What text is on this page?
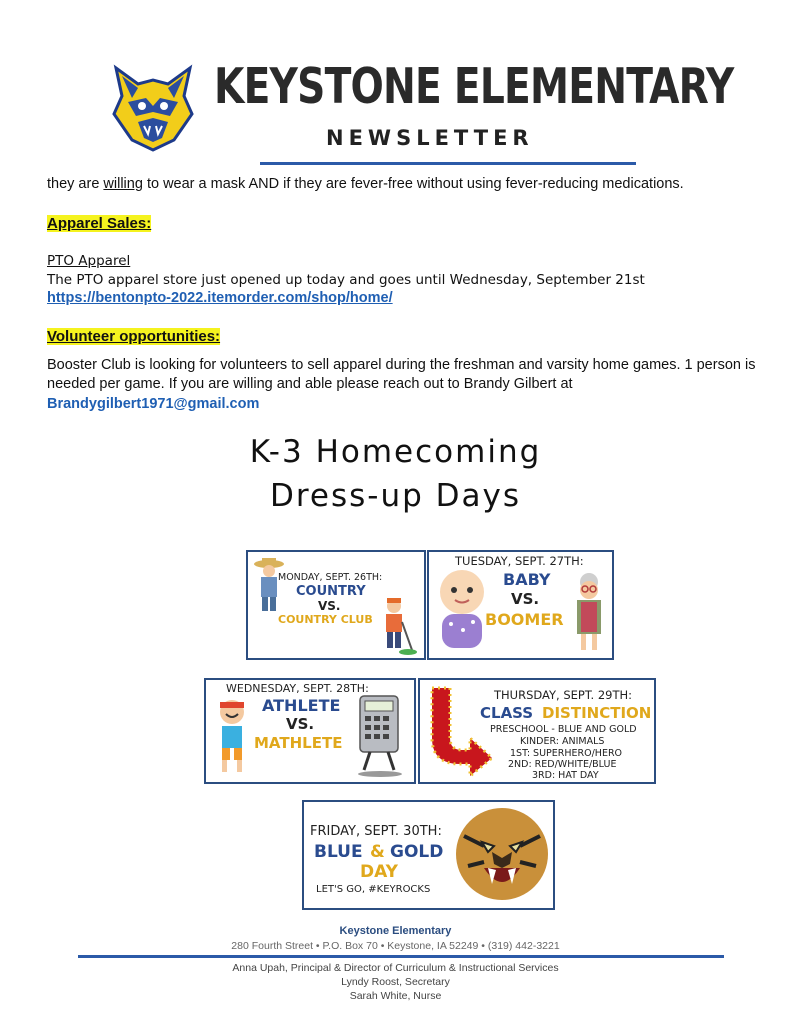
KEYSTONE ELEMENTARY
NEWSLETTER
they are willing to wear a mask AND if they are fever-free without using fever-reducing medications.
Apparel Sales:
PTO Apparel
The PTO apparel store just opened up today and goes until Wednesday, September 21st
https://bentonpto-2022.itemorder.com/shop/home/
Volunteer opportunities:
Booster Club is looking for volunteers to sell apparel during the freshman and varsity home games. 1 person is
needed per game. If you are willing and able please reach out to Brandy Gilbert at
Brandygilbert1971@gmail.com
K-3 Homecoming
Dress-up Days
MONDAY, SEPT. 26TH:
COUNTRY
VS.
COUNTRY CLUB
TUESDAY, SEPT. 27TH:
BABY
VS.
BOOMER
WEDNESDAY, SEPT. 28TH:
ATHLETE
VS.
MATHLETE
THURSDAY, SEPT. 29TH:
CLASS DISTINCTION
PRESCHOOL - BLUE AND GOLD
KINDER: ANIMALS
1ST: SUPERHERO/HERO
2ND: RED/WHITE/BLUE
3RD: HAT DAY
FRIDAY, SEPT. 30TH:
BLUE & GOLD
DAY
LET'S GO, #KEYROCKS
Keystone Elementary
280 Fourth Street • P.O. Box 70 • Keystone, IA 52249 • (319) 442-3221
Anna Upah, Principal & Director of Curriculum & Instructional Services
Lyndy Roost, Secretary
Sarah White, Nurse
